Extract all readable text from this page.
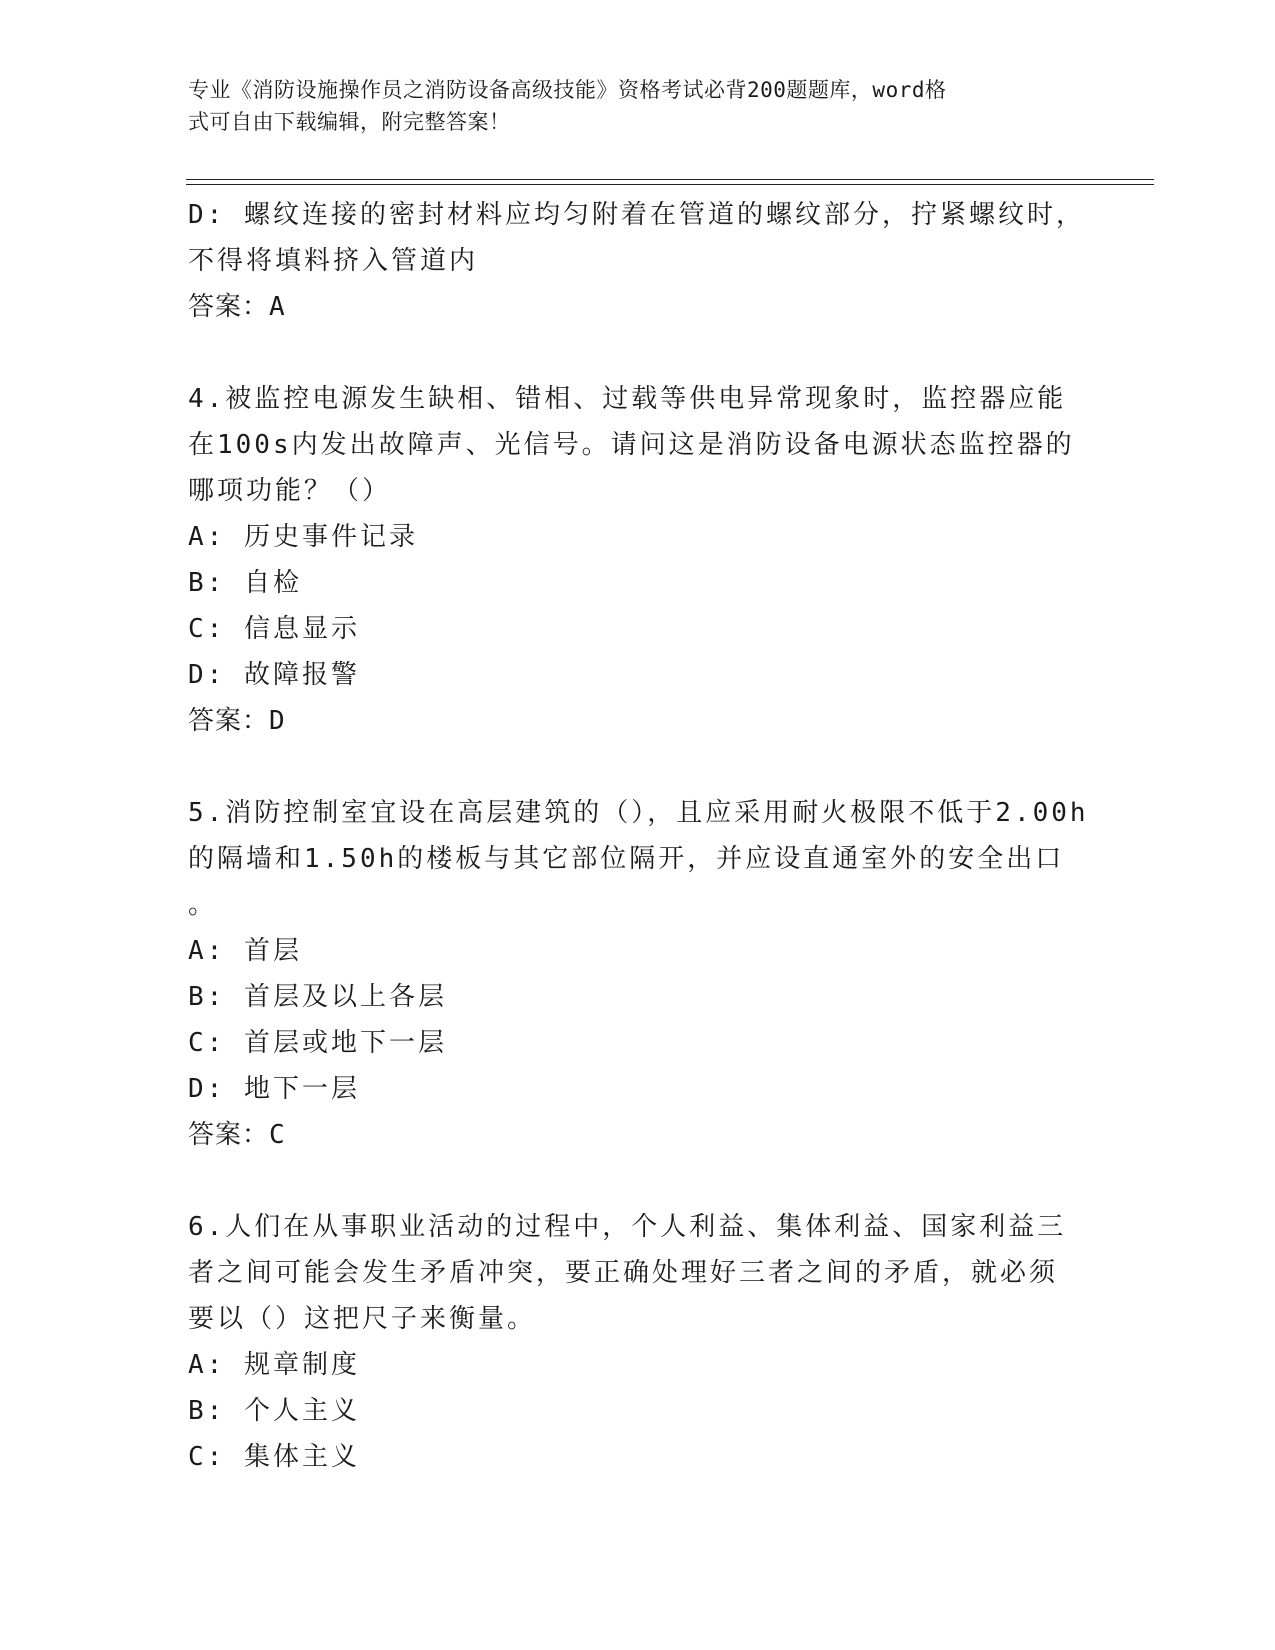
专业《消防设施操作员之消防设备高级技能》资格考试必背200题题库，word格
式可自由下载编辑，附完整答案！
D: 螺纹连接的密封材料应均匀附着在管道的螺纹部分，拧紧螺纹时，
不得将填料挤入管道内
答案：A
4.被监控电源发生缺相、错相、过载等供电异常现象时，监控器应能
在100s内发出故障声、光信号。请问这是消防设备电源状态监控器的
哪项功能？（）
A: 历史事件记录
B: 自检
C: 信息显示
D: 故障报警
答案：D
5.消防控制室宜设在高层建筑的（），且应采用耐火极限不低于2.00h
的隔墙和1.50h的楼板与其它部位隔开，并应设直通室外的安全出口
。
A: 首层
B: 首层及以上各层
C: 首层或地下一层
D: 地下一层
答案：C
6.人们在从事职业活动的过程中，个人利益、集体利益、国家利益三
者之间可能会发生矛盾冲突，要正确处理好三者之间的矛盾，就必须
要以（）这把尺子来衡量。
A: 规章制度
B: 个人主义
C: 集体主义
